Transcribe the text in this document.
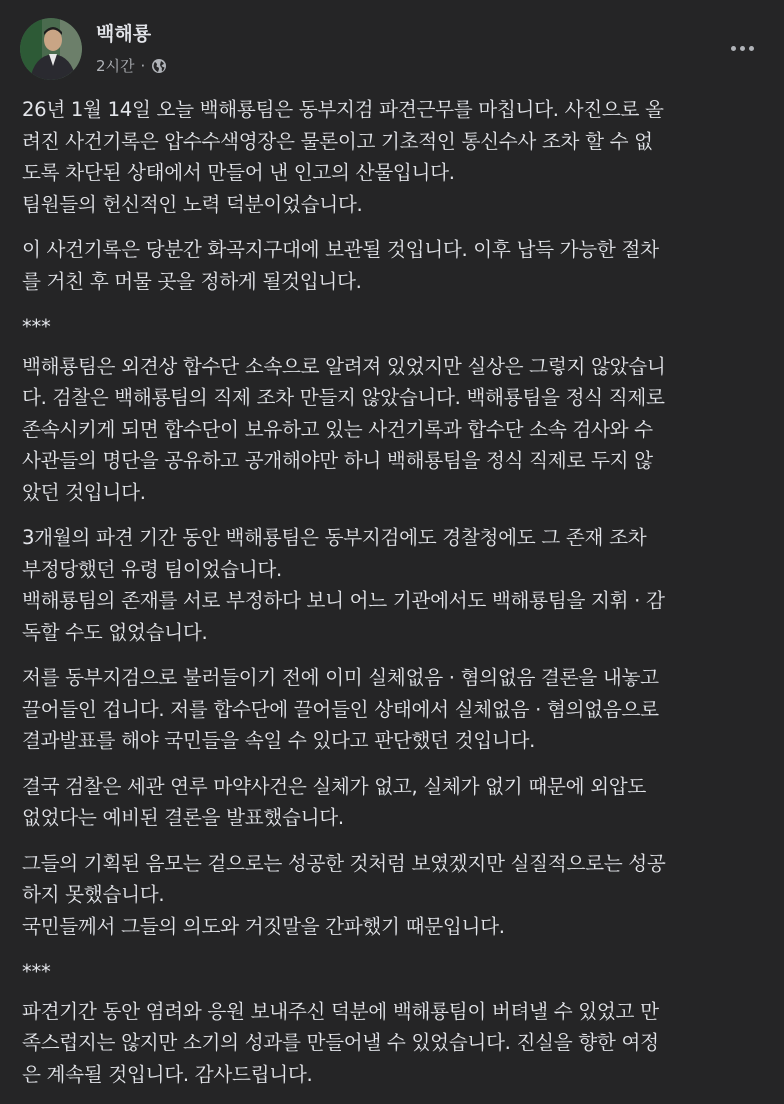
백해룡
2시간 ·
26년 1월 14일 오늘 백해룡팀은 동부지검 파견근무를 마칩니다. 사진으로 올
려진 사건기록은 압수수색영장은 물론이고 기초적인 통신수사 조차 할 수 없
도록 차단된 상태에서 만들어 낸 인고의 산물입니다.
팀원들의 헌신적인 노력 덕분이었습니다.
이 사건기록은 당분간 화곡지구대에 보관될 것입니다. 이후 납득 가능한 절차
를 거친 후 머물 곳을 정하게 될것입니다.
***
백해룡팀은 외견상 합수단 소속으로 알려져 있었지만 실상은 그렇지 않았습니
다. 검찰은 백해룡팀의 직제 조차 만들지 않았습니다. 백해룡팀을 정식 직제로
존속시키게 되면 합수단이 보유하고 있는 사건기록과 합수단 소속 검사와 수
사관들의 명단을 공유하고 공개해야만 하니 백해룡팀을 정식 직제로 두지 않
았던 것입니다.
3개월의 파견 기간 동안 백해룡팀은 동부지검에도 경찰청에도 그 존재 조차
부정당했던 유령 팀이었습니다.
백해룡팀의 존재를 서로 부정하다 보니 어느 기관에서도 백해룡팀을 지휘 · 감
독할 수도 없었습니다.
저를 동부지검으로 불러들이기 전에 이미 실체없음 · 혐의없음 결론을 내놓고
끌어들인 겁니다. 저를 합수단에 끌어들인 상태에서 실체없음 · 혐의없음으로
결과발표를 해야 국민들을 속일 수 있다고 판단했던 것입니다.
결국 검찰은 세관 연루 마약사건은 실체가 없고, 실체가 없기 때문에 외압도
없었다는 예비된 결론을 발표했습니다.
그들의 기획된 음모는 겉으로는 성공한 것처럼 보였겠지만 실질적으로는 성공
하지 못했습니다.
국민들께서 그들의 의도와 거짓말을 간파했기 때문입니다.
***
파견기간 동안 염려와 응원 보내주신 덕분에 백해룡팀이 버텨낼 수 있었고 만
족스럽지는 않지만 소기의 성과를 만들어낼 수 있었습니다. 진실을 향한 여정
은 계속될 것입니다. 감사드립니다.
